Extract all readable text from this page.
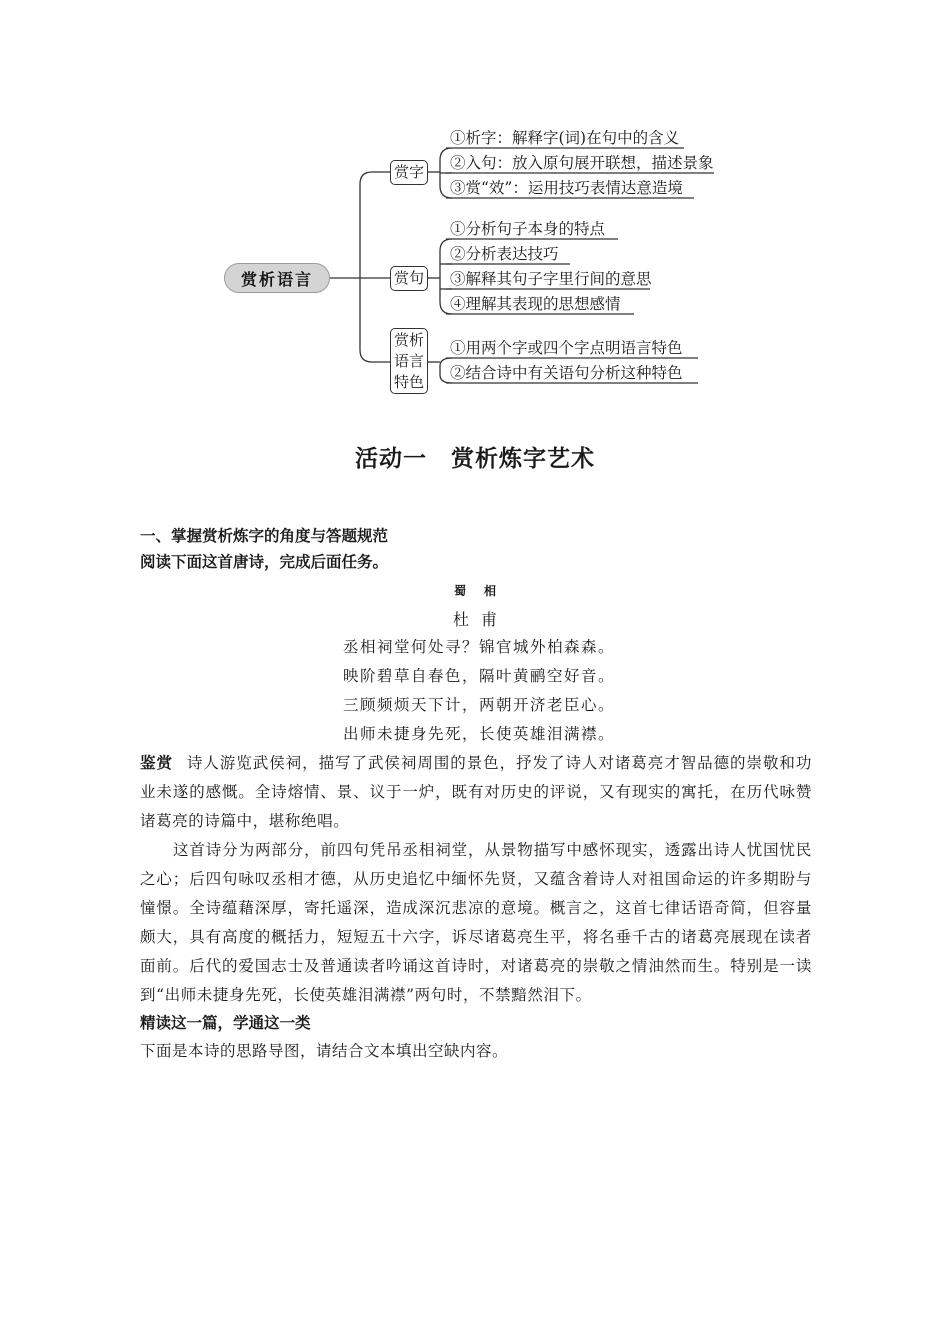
赏析语言
赏字
赏句
赏析
语言
特色
①析字：解释字(词)在句中的含义
②入句：放入原句展开联想，描述景象
③赏“效”：运用技巧表情达意造境
①分析句子本身的特点
②分析表达技巧
③解释其句子字里行间的意思
④理解其表现的思想感情
①用两个字或四个字点明语言特色
②结合诗中有关语句分析这种特色
活动一　赏析炼字艺术
一、掌握赏析炼字的角度与答题规范
阅读下面这首唐诗，完成后面任务。
蜀相
杜甫
丞相祠堂何处寻？锦官城外柏森森。
映阶碧草自春色，隔叶黄鹂空好音。
三顾频烦天下计，两朝开济老臣心。
出师未捷身先死，长使英雄泪满襟。
鉴赏 诗人游览武侯祠，描写了武侯祠周围的景色，抒发了诗人对诸葛亮才智品德的崇敬和功业未遂的感慨。全诗熔情、景、议于一炉，既有对历史的评说，又有现实的寓托，在历代咏赞诸葛亮的诗篇中，堪称绝唱。
这首诗分为两部分，前四句凭吊丞相祠堂，从景物描写中感怀现实，透露出诗人忧国忧民之心；后四句咏叹丞相才德，从历史追忆中缅怀先贤，又蕴含着诗人对祖国命运的许多期盼与憧憬。全诗蕴藉深厚，寄托遥深，造成深沉悲凉的意境。概言之，这首七律话语奇简，但容量颇大，具有高度的概括力，短短五十六字，诉尽诸葛亮生平，将名垂千古的诸葛亮展现在读者面前。后代的爱国志士及普通读者吟诵这首诗时，对诸葛亮的崇敬之情油然而生。特别是一读到“出师未捷身先死，长使英雄泪满襟”两句时，不禁黯然泪下。
精读这一篇，学通这一类
下面是本诗的思路导图，请结合文本填出空缺内容。
